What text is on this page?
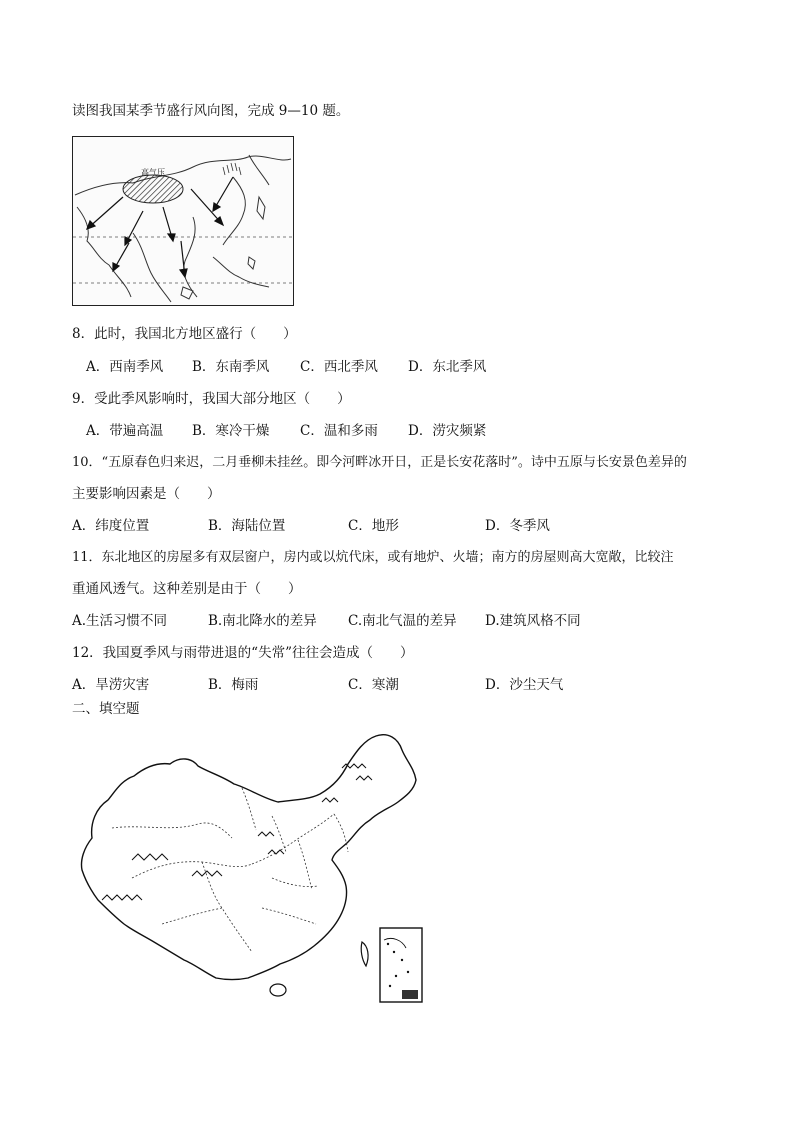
读图我国某季节盛行风向图，完成 9—10 题。
高气压
8．此时，我国北方地区盛行（　　）
A．西南季风 B．东南季风 C．西北季风 D．东北季风
9．受此季风影响时，我国大部分地区（　　）
A．带遍高温 B．寒冷干燥 C．温和多雨 D．涝灾频紧
10．“五原春色归来迟，二月垂柳未挂丝。即今河畔冰开日，正是长安花落时”。诗中五原与长安景色差异的
主要影响因素是（　　）
A．纬度位置	B．海陆位置	C．地形	D．冬季风
11．东北地区的房屋多有双层窗户，房内或以炕代床，或有地炉、火墙；南方的房屋则高大宽敞，比较注
重通风透气。这种差别是由于（　　）
A.生活习惯不同	B.南北降水的差异 C.南北气温的差异 D.建筑风格不同
12．我国夏季风与雨带进退的“失常”往往会造成（　　）
A．旱涝灾害	B．梅雨	C．寒潮	D．沙尘天气
二、填空题
